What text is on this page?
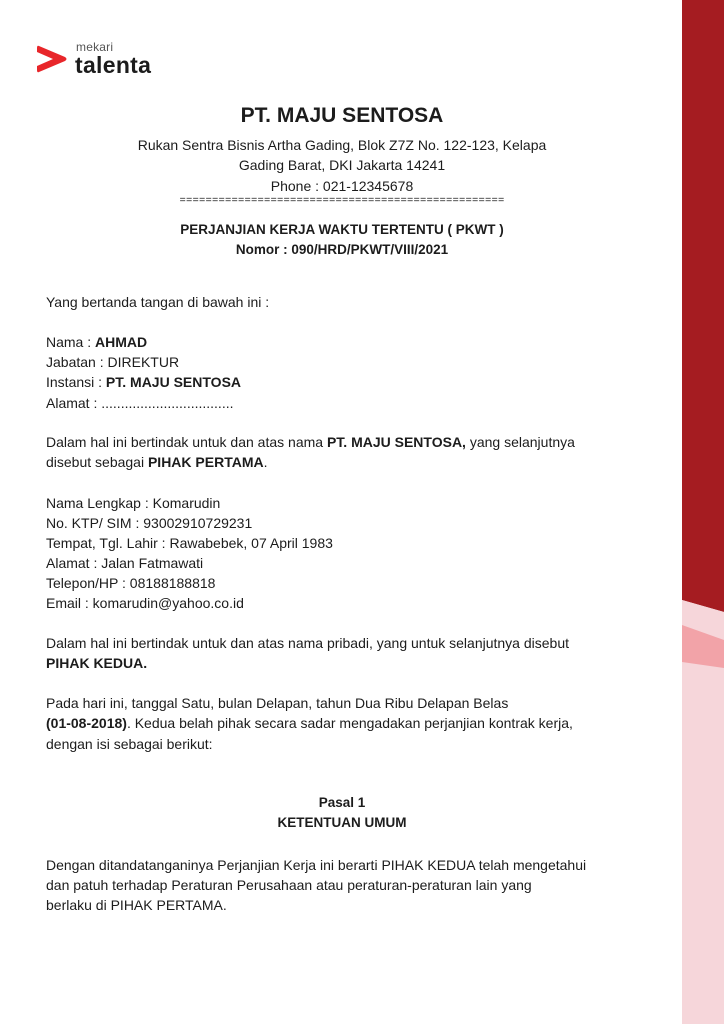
mekari
talenta
PT. MAJU SENTOSA
Rukan Sentra Bisnis Artha Gading, Blok Z7Z No. 122-123, Kelapa
Gading Barat, DKI Jakarta 14241
Phone : 021-12345678
==================================================
PERJANJIAN KERJA WAKTU TERTENTU ( PKWT )
Nomor : 090/HRD/PKWT/VIII/2021
Yang bertanda tangan di bawah ini :
Nama : AHMAD
Jabatan : DIREKTUR
Instansi : PT. MAJU SENTOSA
Alamat : ..................................
Dalam hal ini bertindak untuk dan atas nama PT. MAJU SENTOSA, yang selanjutnya
disebut sebagai PIHAK PERTAMA.
Nama Lengkap : Komarudin
No. KTP/ SIM : 93002910729231
Tempat, Tgl. Lahir : Rawabebek, 07 April 1983
Alamat : Jalan Fatmawati
Telepon/HP : 08188188818
Email : komarudin@yahoo.co.id
Dalam hal ini bertindak untuk dan atas nama pribadi, yang untuk selanjutnya disebut
PIHAK KEDUA.
Pada hari ini, tanggal Satu, bulan Delapan, tahun Dua Ribu Delapan Belas
(01-08-2018). Kedua belah pihak secara sadar mengadakan perjanjian kontrak kerja,
dengan isi sebagai berikut:
Pasal 1
KETENTUAN UMUM
Dengan ditandatanganinya Perjanjian Kerja ini berarti PIHAK KEDUA telah mengetahui
dan patuh terhadap Peraturan Perusahaan atau peraturan-peraturan lain yang
berlaku di PIHAK PERTAMA.
